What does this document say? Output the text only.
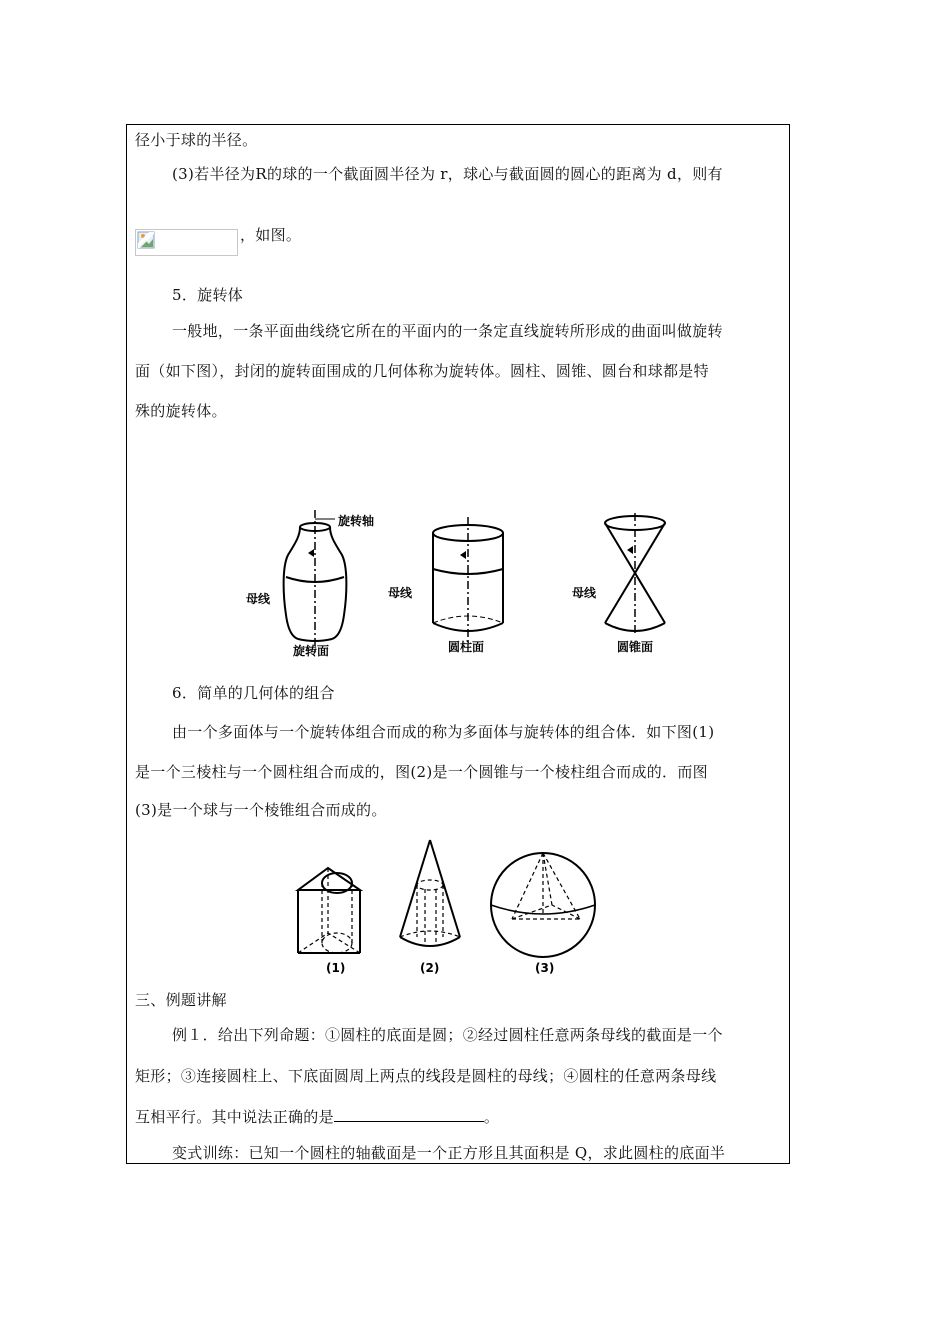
径小于球的半径。
(3)若半径为R的球的一个截面圆半径为 r，球心与截面圆的圆心的距离为 d，则有
，如图。
5．旋转体
一般地，一条平面曲线绕它所在的平面内的一条定直线旋转所形成的曲面叫做旋转
面（如下图），封闭的旋转面围成的几何体称为旋转体。圆柱、圆锥、圆台和球都是特
殊的旋转体。
旋转轴
母线
旋转面
母线
圆柱面
母线
圆锥面
6．简单的几何体的组合
由一个多面体与一个旋转体组合而成的称为多面体与旋转体的组合体．如下图(1)
是一个三棱柱与一个圆柱组合而成的，图(2)是一个圆锥与一个棱柱组合而成的．而图
(3)是一个球与一个棱锥组合而成的。
(1)	(2)	(3)
三、例题讲解
例１．给出下列命题：①圆柱的底面是圆；②经过圆柱任意两条母线的截面是一个
矩形；③连接圆柱上、下底面圆周上两点的线段是圆柱的母线；④圆柱的任意两条母线
互相平行。其中说法正确的是	。
变式训练：已知一个圆柱的轴截面是一个正方形且其面积是 Q，求此圆柱的底面半
